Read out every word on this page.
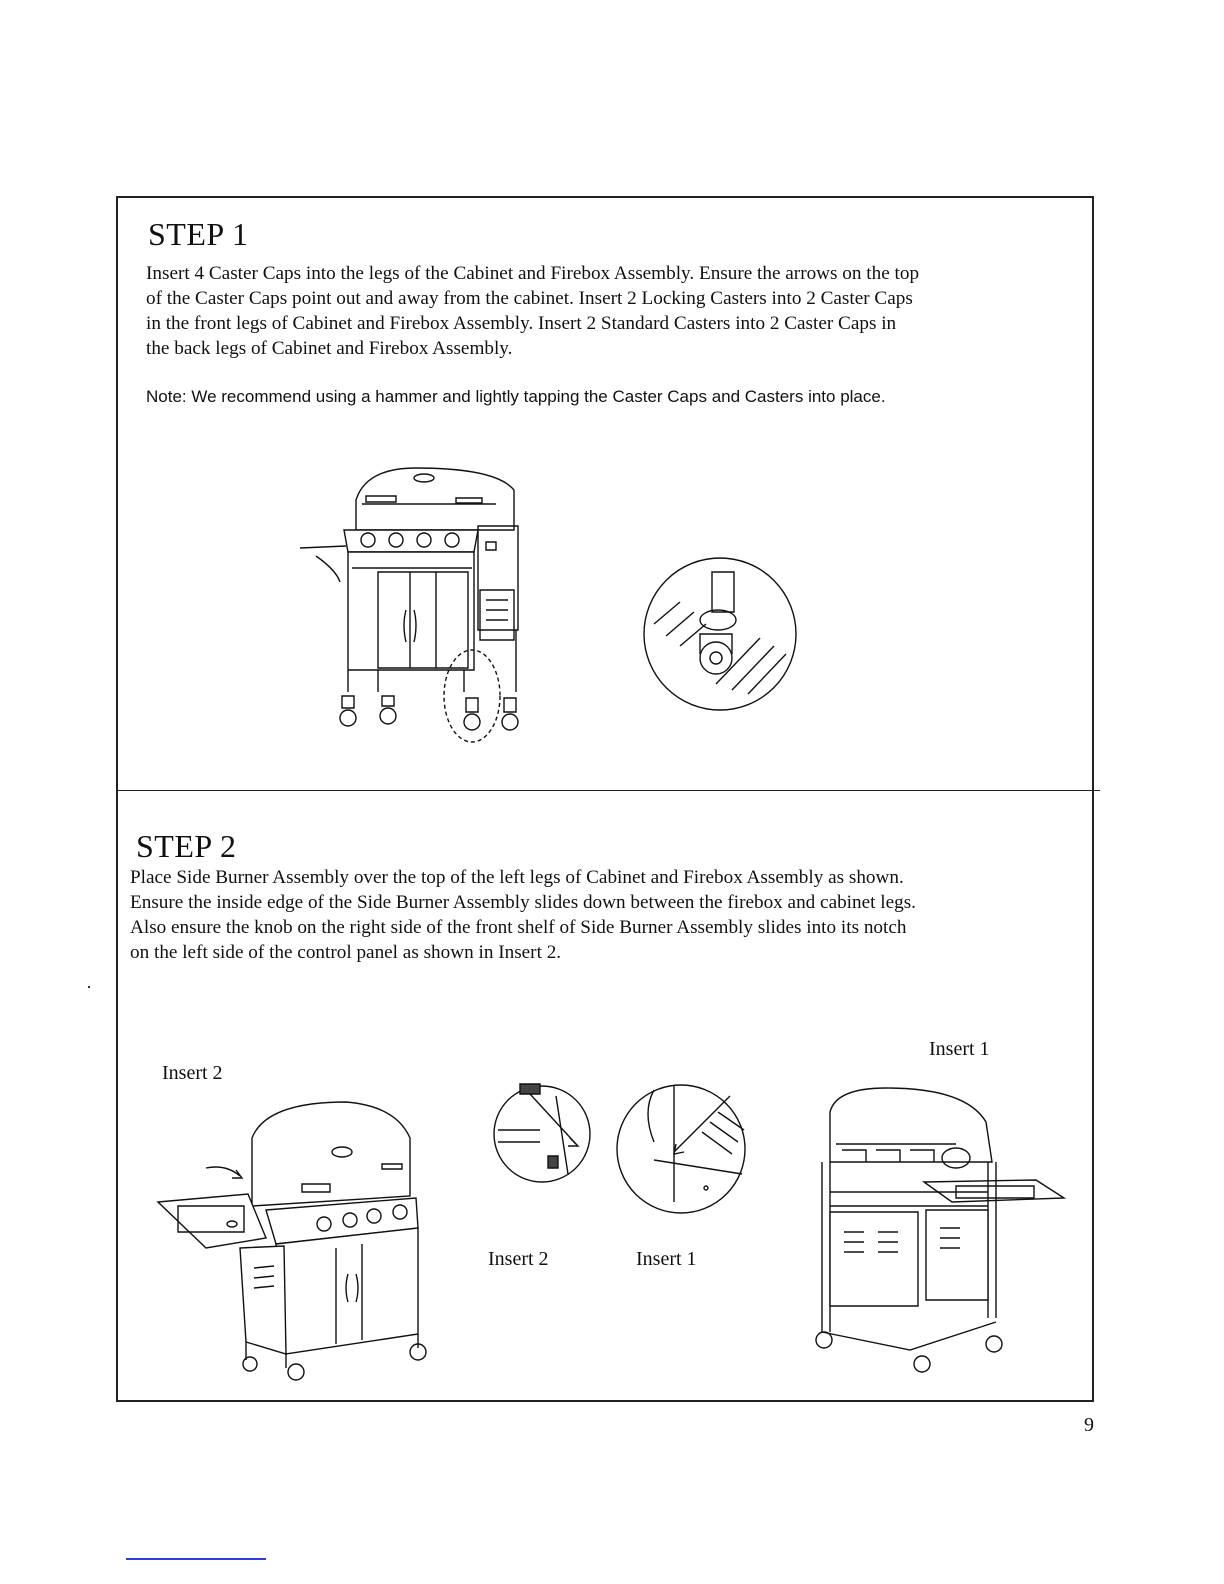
STEP 1
Insert 4 Caster Caps into the legs of the Cabinet and Firebox Assembly. Ensure the arrows on the top
of the Caster Caps point out and away from the cabinet. Insert 2 Locking Casters into 2 Caster Caps
in the front legs of Cabinet and Firebox Assembly. Insert 2 Standard Casters into 2 Caster Caps in
the back legs of Cabinet and Firebox Assembly.
Note: We recommend using a hammer and lightly tapping the Caster Caps and Casters into place.
STEP 2
Place Side Burner Assembly over the top of the left legs of Cabinet and Firebox Assembly as shown.
Ensure the inside edge of the Side Burner Assembly slides down between the firebox and cabinet legs.
Also ensure the knob on the right side of the front shelf of Side Burner Assembly slides into its notch
on the left side of the control panel as shown in Insert 2.
Insert 2
Insert 1
Insert 2	Insert 1
9
